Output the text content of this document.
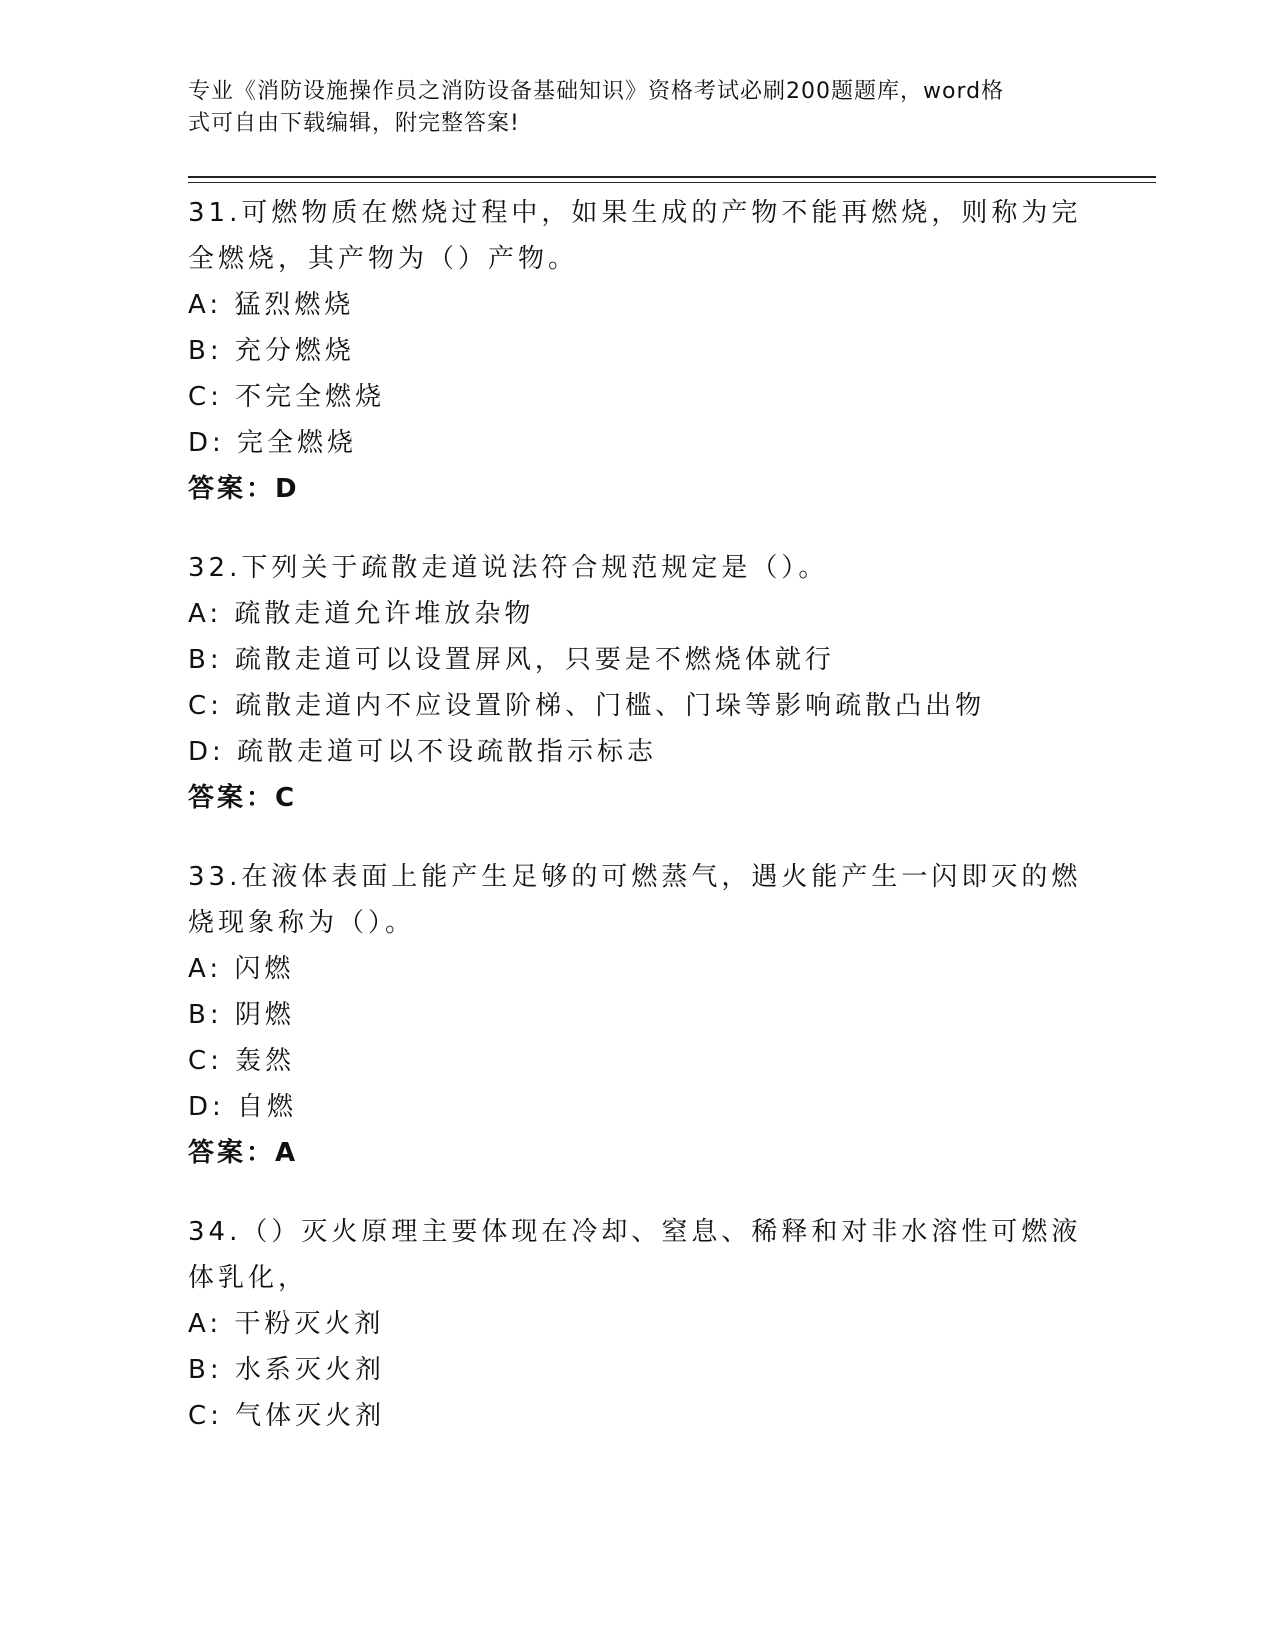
专业《消防设施操作员之消防设备基础知识》资格考试必刷200题题库，word格
式可自由下载编辑，附完整答案!
31.可燃物质在燃烧过程中，如果生成的产物不能再燃烧，则称为完全燃烧，其产物为（）产物。
A: 猛烈燃烧
B: 充分燃烧
C: 不完全燃烧
D: 完全燃烧
答案：D
32.下列关于疏散走道说法符合规范规定是（）。
A: 疏散走道允许堆放杂物
B: 疏散走道可以设置屏风，只要是不燃烧体就行
C: 疏散走道内不应设置阶梯、门槛、门垛等影响疏散凸出物
D: 疏散走道可以不设疏散指示标志
答案：C
33.在液体表面上能产生足够的可燃蒸气，遇火能产生一闪即灭的燃烧现象称为（）。
A: 闪燃
B: 阴燃
C: 轰然
D: 自燃
答案：A
34.（）灭火原理主要体现在冷却、窒息、稀释和对非水溶性可燃液体乳化，
A: 干粉灭火剂
B: 水系灭火剂
C: 气体灭火剂
